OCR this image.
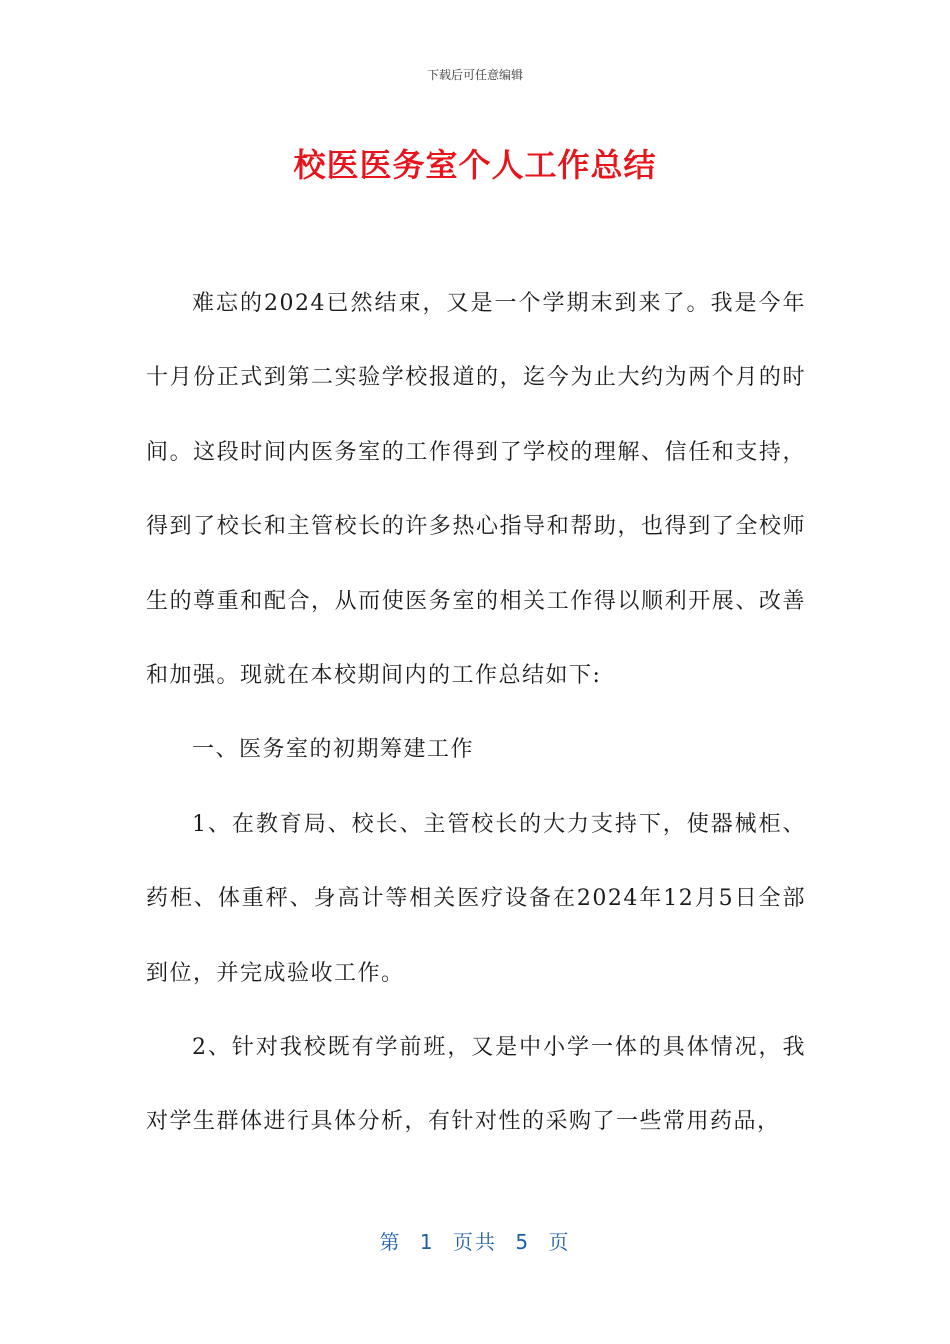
下载后可任意编辑
校医医务室个人工作总结

难忘的2024已然结束，又是一个学期末到来了。我是今年十月份正式到第二实验学校报道的，迄今为止大约为两个月的时间。这段时间内医务室的工作得到了学校的理解、信任和支持，得到了校长和主管校长的许多热心指导和帮助，也得到了全校师生的尊重和配合，从而使医务室的相关工作得以顺利开展、改善和加强。现就在本校期间内的工作总结如下:

一、医务室的初期筹建工作

1、在教育局、校长、主管校长的大力支持下，使器械柜、药柜、体重秤、身高计等相关医疗设备在2024年12月5日全部到位，并完成验收工作。

2、针对我校既有学前班，又是中小学一体的具体情况，我对学生群体进行具体分析，有针对性的采购了一些常用药品，

第 1 页共 5 页
